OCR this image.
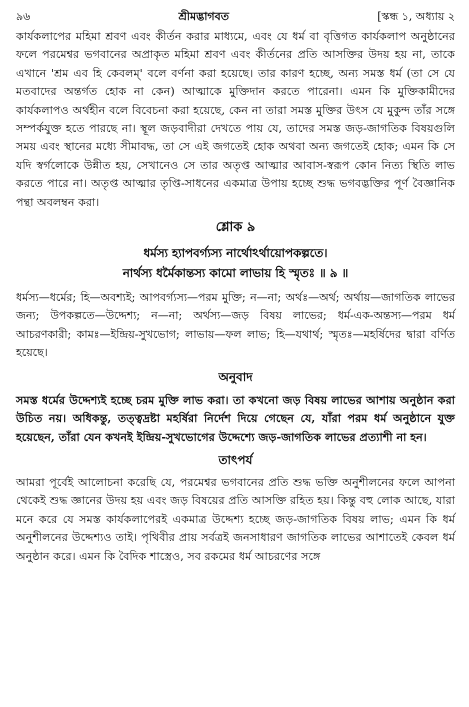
৯৬	শ্রীমদ্ভাগবত	[স্কন্ধ ১, অধ্যায় ২

কার্যকলাপের মহিমা শ্রবণ এবং কীর্তন করার মাধ্যমে, এবং যে ধর্ম বা বৃত্তিগত কার্যকলাপ অনুষ্ঠানের ফলে পরমেশ্বর ভগবানের অপ্রাকৃত মহিমা শ্রবণ এবং কীর্তনের প্রতি আসক্তির উদয় হয় না, তাকে এখানে 'শ্রম এব হি কেবলম্' বলে বর্ণনা করা হয়েছে। তার কারণ হচ্ছে, অন্য সমস্ত ধর্ম (তা সে যে মতবাদের অন্তর্গত হোক না কেন) আত্মাকে মুক্তিদান করতে পারেনা। এমন কি মুক্তিকামীদের কার্যকলাপও অর্থহীন বলে বিবেচনা করা হয়েছে, কেন না তারা সমস্ত মুক্তির উৎস যে মুকুন্দ তাঁর সঙ্গে সম্পর্কযুক্ত হতে পারছে না। স্থূল জড়বাদীরা দেখতে পায় যে, তাদের সমস্ত জড়-জাগতিক বিষয়গুলি সময় এবং স্থানের মধ্যে সীমাবদ্ধ, তা সে এই জগতেই হোক অথবা অন্য জগতেই হোক; এমন কি সে যদি স্বর্গলোকে উন্নীত হয়, সেখানেও সে তার অতৃপ্ত আত্মার আবাস-স্বরূপ কোন নিত্য স্থিতি লাভ করতে পারে না। অতৃপ্ত আত্মার তৃপ্তি-সাধনের একমাত্র উপায় হচ্ছে শুদ্ধ ভগবদ্ভক্তির পূর্ণ বৈজ্ঞানিক পন্থা অবলম্বন করা।

শ্লোক ৯
ধর্মস্য হ্যাপবর্গ্যস্য নার্থোঽর্থায়োপকল্পতে।
নার্থস্য ধর্মৈকান্তস্য কামো লাভায় হি স্মৃতঃ ॥ ৯ ॥

ধর্মস্য—ধর্মের; হি—অবশ্যই; আপবর্গ্যস্য—পরম মুক্তি; ন—না; অর্থঃ—অর্থ; অর্থায়—জাগতিক লাভের জন্য; উপকল্পতে—উদ্দেশ্য; ন—না; অর্থস্য—জড় বিষয় লাভের; ধর্ম-এক-অন্তস্য—পরম ধর্ম আচরণকারী; কামঃ—ইন্দ্রিয়-সুখভোগ; লাভায়—ফল লাভ; হি—যথার্থ; স্মৃতঃ—মহর্ষিদের দ্বারা বর্ণিত হয়েছে।

অনুবাদ

সমস্ত ধর্মের উদ্দেশ্যই হচ্ছে চরম মুক্তি লাভ করা। তা কখনো জড় বিষয় লাভের আশায় অনুষ্ঠান করা উচিত নয়। অধিকন্তু, তত্ত্বদ্রষ্টা মহর্ষিরা নির্দেশ দিয়ে গেছেন যে, যাঁরা পরম ধর্ম অনুষ্ঠানে যুক্ত হয়েছেন, তাঁরা যেন কখনই ইন্দ্রিয়-সুখভোগের উদ্দেশ্যে জড়-জাগতিক লাভের প্রত্যাশী না হন।

তাৎপর্য

আমরা পূর্বেই আলোচনা করেছি যে, পরমেশ্বর ভগবানের প্রতি শুদ্ধ ভক্তি অনুশীলনের ফলে আপনা থেকেই শুদ্ধ জ্ঞানের উদয় হয় এবং জড় বিষয়ের প্রতি আসক্তি রহিত হয়। কিন্তু বহু লোক আছে, যারা মনে করে যে সমস্ত কার্যকলাপেরই একমাত্র উদ্দেশ্য হচ্ছে জড়-জাগতিক বিষয় লাভ; এমন কি ধর্ম অনুশীলনের উদ্দেশ্যও তাই। পৃথিবীর প্রায় সর্বত্রই জনসাধারণ জাগতিক লাভের আশাতেই কেবল ধর্ম অনুষ্ঠান করে। এমন কি বৈদিক শাস্ত্রেও, সব রকমের ধর্ম আচরণের সঙ্গে
